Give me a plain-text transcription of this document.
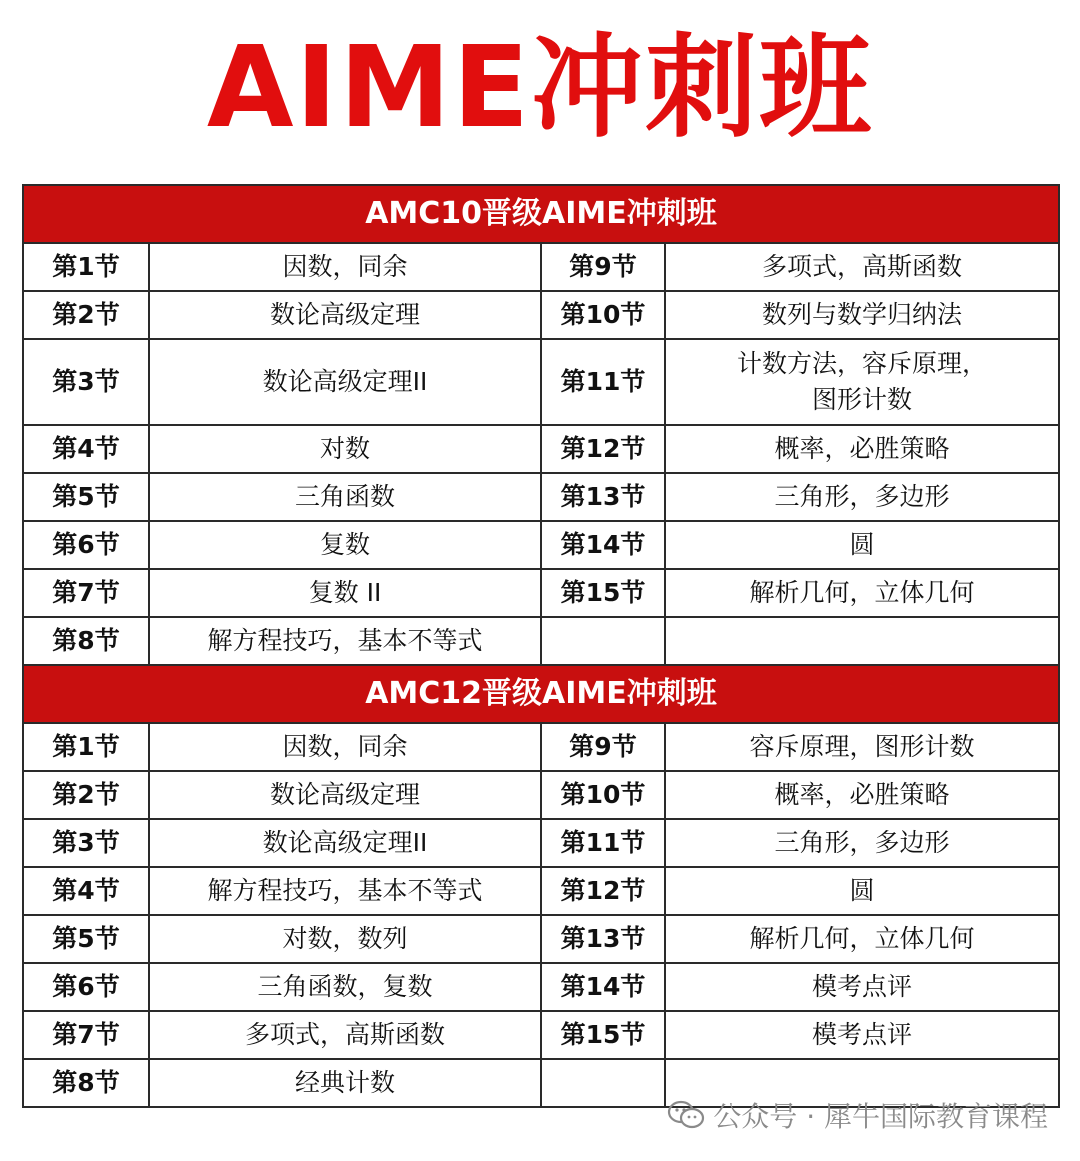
AIME冲刺班
AMC10晋级AIME冲刺班			
第1节	因数，同余	第9节	多项式，高斯函数
第2节	数论高级定理	第10节	数列与数学归纳法
第3节	数论高级定理II	第11节	计数方法，容斥原理，
图形计数

第4节	对数	第12节	概率，必胜策略
第5节	三角函数	第13节	三角形，多边形
第6节	复数	第14节	圆
第7节	复数 II	第15节	解析几何，立体几何
第8节	解方程技巧，基本不等式		
AMC12晋级AIME冲刺班			
第1节	因数，同余	第9节	容斥原理，图形计数
第2节	数论高级定理	第10节	概率，必胜策略
第3节	数论高级定理II	第11节	三角形，多边形
第4节	解方程技巧，基本不等式	第12节	圆
第5节	对数，数列	第13节	解析几何，立体几何
第6节	三角函数，复数	第14节	模考点评
第7节	多项式，高斯函数	第15节	模考点评
第8节	经典计数		
公众号 · 犀牛国际教育课程
